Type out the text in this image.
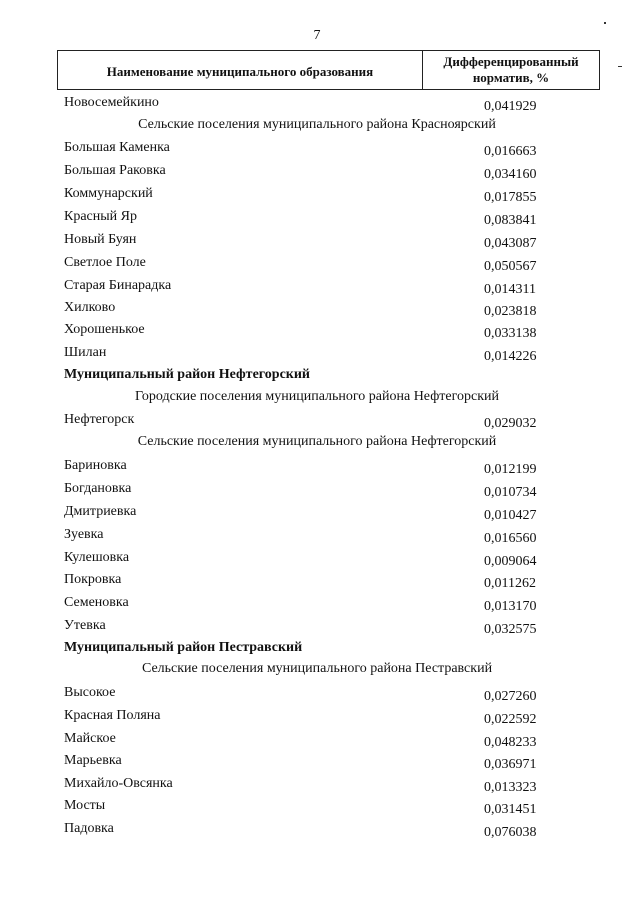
7
Наименование муниципального образования
Дифференцированный
норматив, %
Новосемейкино	0,041929
Сельские поселения муниципального района Красноярский
Большая Каменка	0,016663
Большая Раковка	0,034160
Коммунарский	0,017855
Красный Яр	0,083841
Новый Буян	0,043087
Светлое Поле	0,050567
Старая Бинарадка	0,014311
Хилково	0,023818
Хорошенькое	0,033138
Шилан	0,014226
Муниципальный район Нефтегорский
Городские поселения муниципального района Нефтегорский
Нефтегорск	0,029032
Сельские поселения муниципального района Нефтегорский
Бариновка	0,012199
Богдановка	0,010734
Дмитриевка	0,010427
Зуевка	0,016560
Кулешовка	0,009064
Покровка	0,011262
Семеновка	0,013170
Утевка	0,032575
Муниципальный район Пестравский
Сельские поселения муниципального района Пестравский
Высокое	0,027260
Красная Поляна	0,022592
Майское	0,048233
Марьевка	0,036971
Михайло-Овсянка	0,013323
Мосты	0,031451
Падовка	0,076038
